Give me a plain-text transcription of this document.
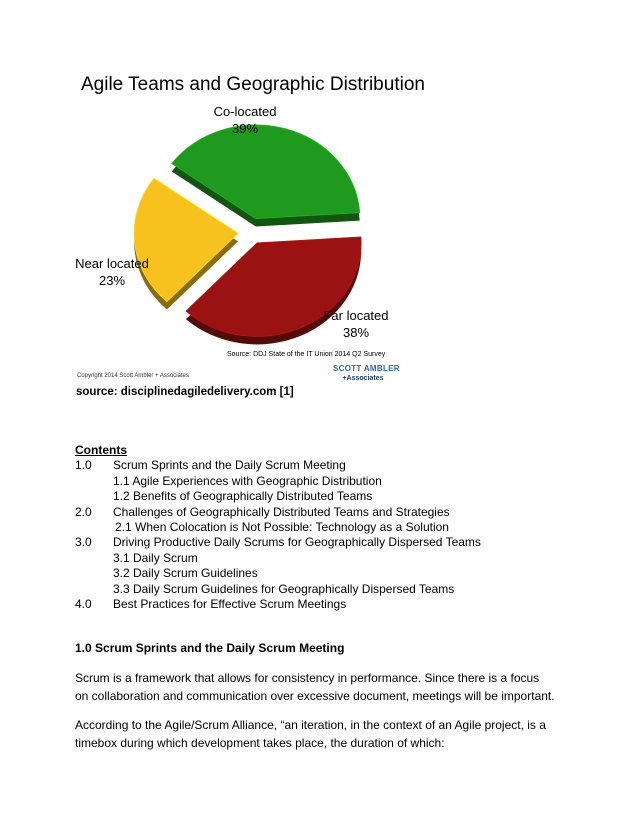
Agile Teams and Geographic Distribution
Co-located
39%
Far located
38%
Near located
23%
Source: DDJ State of the IT Union 2014 Q2 Survey
Copyright 2014 Scott Ambler + Associates
SCOTT AMBLER
+Associates
source: disciplinedagiledelivery.com [1]
Contents
1.0 Scrum Sprints and the Daily Scrum Meeting
1.1 Agile Experiences with Geographic Distribution
1.2 Benefits of Geographically Distributed Teams
2.0 Challenges of Geographically Distributed Teams and Strategies
2.1 When Colocation is Not Possible: Technology as a Solution
3.0 Driving Productive Daily Scrums for Geographically Dispersed Teams
3.1 Daily Scrum
3.2 Daily Scrum Guidelines
3.3 Daily Scrum Guidelines for Geographically Dispersed Teams
4.0 Best Practices for Effective Scrum Meetings
1.0 Scrum Sprints and the Daily Scrum Meeting
Scrum is a framework that allows for consistency in performance. Since there is a focus on collaboration and communication over excessive document, meetings will be important.
According to the Agile/Scrum Alliance, “an iteration, in the context of an Agile project, is a timebox during which development takes place, the duration of which:
